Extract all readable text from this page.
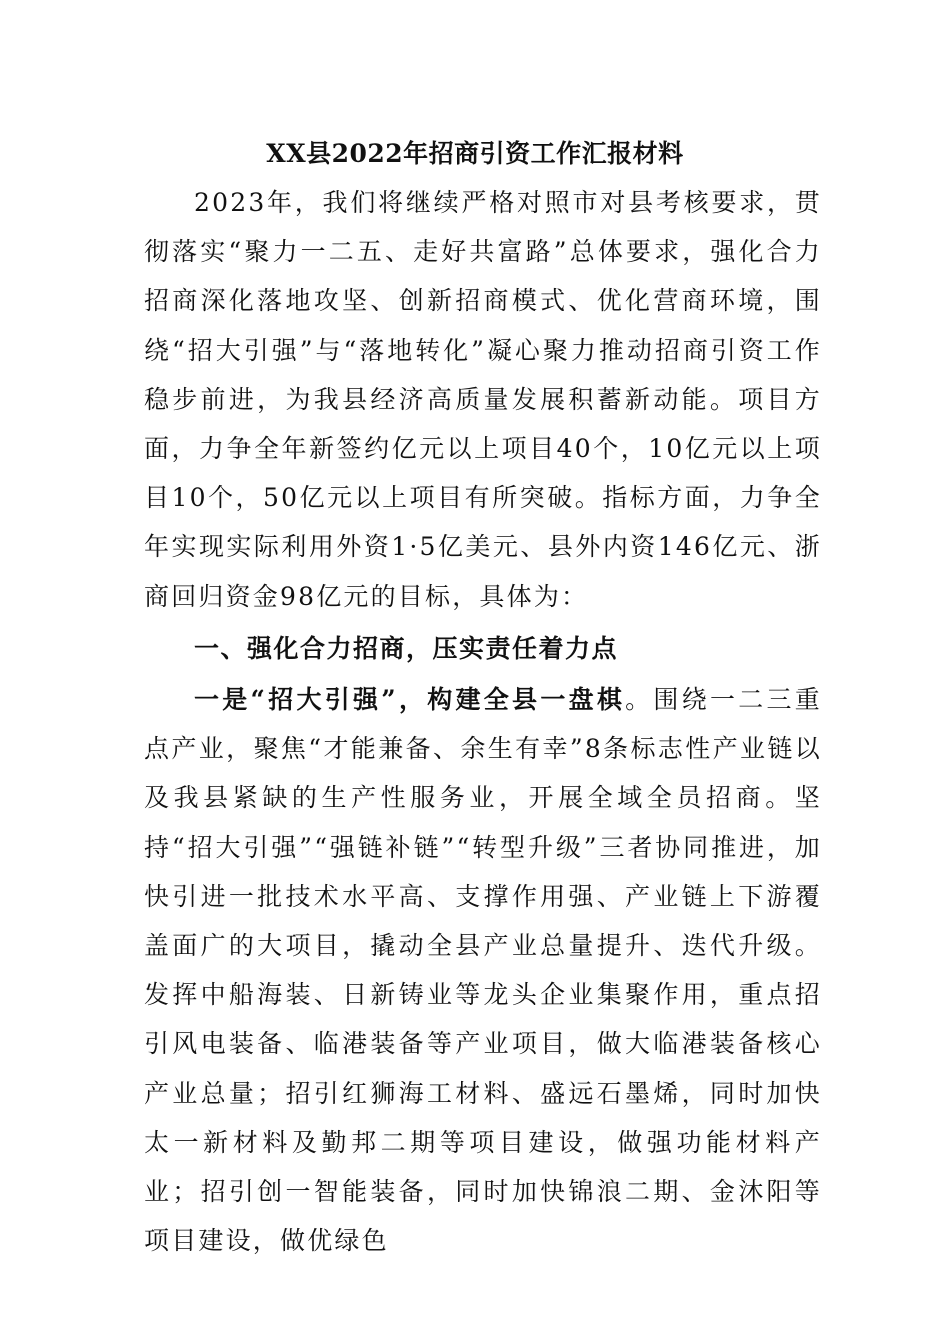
XX县2022年招商引资工作汇报材料

2023年，我们将继续严格对照市对县考核要求，贯彻落实“聚力一二五、走好共富路”总体要求，强化合力招商深化落地攻坚、创新招商模式、优化营商环境，围绕“招大引强”与“落地转化”凝心聚力推动招商引资工作稳步前进，为我县经济高质量发展积蓄新动能。项目方面，力争全年新签约亿元以上项目40个，10亿元以上项目10个，50亿元以上项目有所突破。指标方面，力争全年实现实际利用外资1·5亿美元、县外内资146亿元、浙商回归资金98亿元的目标，具体为：

一、强化合力招商，压实责任着力点

一是“招大引强”，构建全县一盘棋。围绕一二三重点产业，聚焦“才能兼备、余生有幸”8条标志性产业链以及我县紧缺的生产性服务业，开展全域全员招商。坚持“招大引强”“强链补链”“转型升级”三者协同推进，加快引进一批技术水平高、支撑作用强、产业链上下游覆盖面广的大项目，撬动全县产业总量提升、迭代升级。发挥中船海装、日新铸业等龙头企业集聚作用，重点招引风电装备、临港装备等产业项目，做大临港装备核心产业总量；招引红狮海工材料、盛远石墨烯，同时加快太一新材料及勤邦二期等项目建设，做强功能材料产业；招引创一智能装备，同时加快锦浪二期、金沐阳等项目建设，做优绿色
